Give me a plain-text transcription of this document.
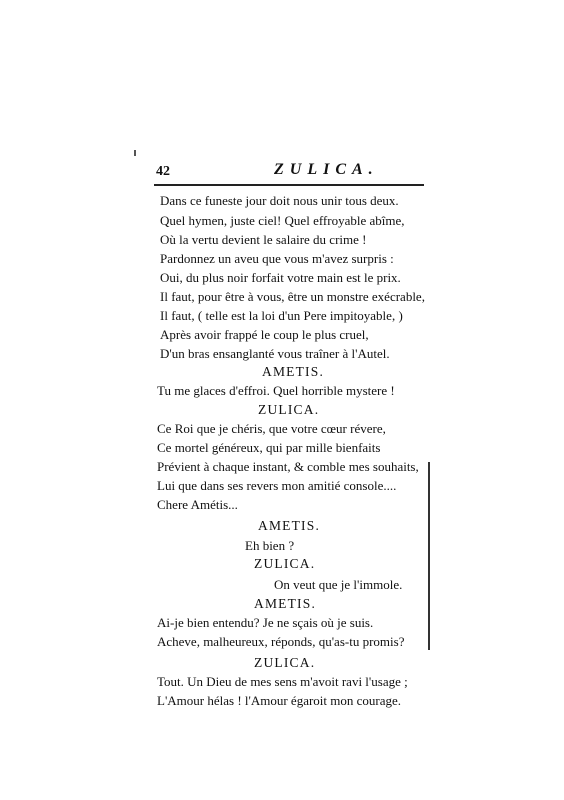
42	ZULICA.
Dans ce funeste jour doit nous unir tous deux.
Quel hymen, juste ciel! Quel effroyable abîme,
Où la vertu devient le salaire du crime !
Pardonnez un aveu que vous m'avez surpris :
Oui, du plus noir forfait votre main est le prix.
Il faut, pour être à vous, être un monstre exécrable,
Il faut, ( telle est la loi d'un Pere impitoyable, )
Après avoir frappé le coup le plus cruel,
D'un bras ensanglanté vous traîner à l'Autel.
AMETIS.
Tu me glaces d'effroi. Quel horrible mystere !
ZULICA.
Ce Roi que je chéris, que votre cœur révere,
Ce mortel généreux, qui par mille bienfaits
Prévient à chaque instant, & comble mes souhaits,
Lui que dans ses revers mon amitié console....
Chere Amétis...
AMETIS.
Eh bien ?
ZULICA.
On veut que je l'immole.
AMETIS.
Ai-je bien entendu? Je ne sçais où je suis.
Acheve, malheureux, réponds, qu'as-tu promis?
ZULICA.
Tout. Un Dieu de mes sens m'avoit ravi l'usage ;
L'Amour hélas ! l'Amour égaroit mon courage.
